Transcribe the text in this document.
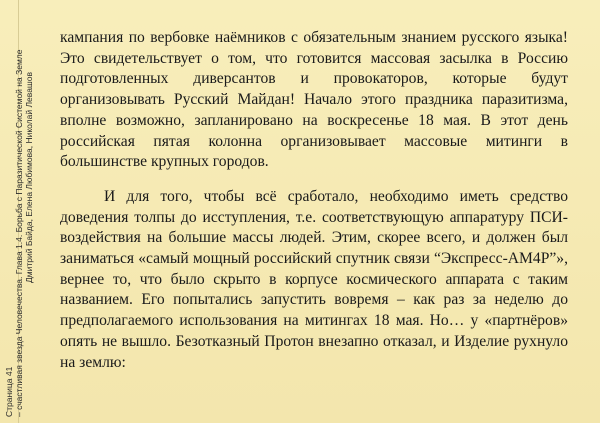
Страница 41 – счастливая звезда Человечества. Глава 1.4. Борьба с Паразитической Системой на Земле Дмитрий Байда, Елена Любимова, Николай Левашов

кампания по вербовке наёмников с обязательным знанием русского языка! Это свидетельствует о том, что готовится массовая засылка в Россию подготовленных диверсантов и провокаторов, которые будут организовывать Русский Майдан! Начало этого праздника паразитизма, вполне возможно, запланировано на воскресенье 18 мая. В этот день российская пятая колонна организовывает массовые митинги в большинстве крупных городов.

И для того, чтобы всё сработало, необходимо иметь средство доведения толпы до исступления, т.е. соответствующую аппаратуру ПСИ-воздействия на большие массы людей. Этим, скорее всего, и должен был заниматься «самый мощный российский спутник связи “Экспресс-АМ4Р”», вернее то, что было скрыто в корпусе космического аппарата с таким названием. Его попытались запустить вовремя – как раз за неделю до предполагаемого использования на митингах 18 мая. Но… у «партнёров» опять не вышло. Безотказный Протон внезапно отказал, и Изделие рухнуло на землю:
